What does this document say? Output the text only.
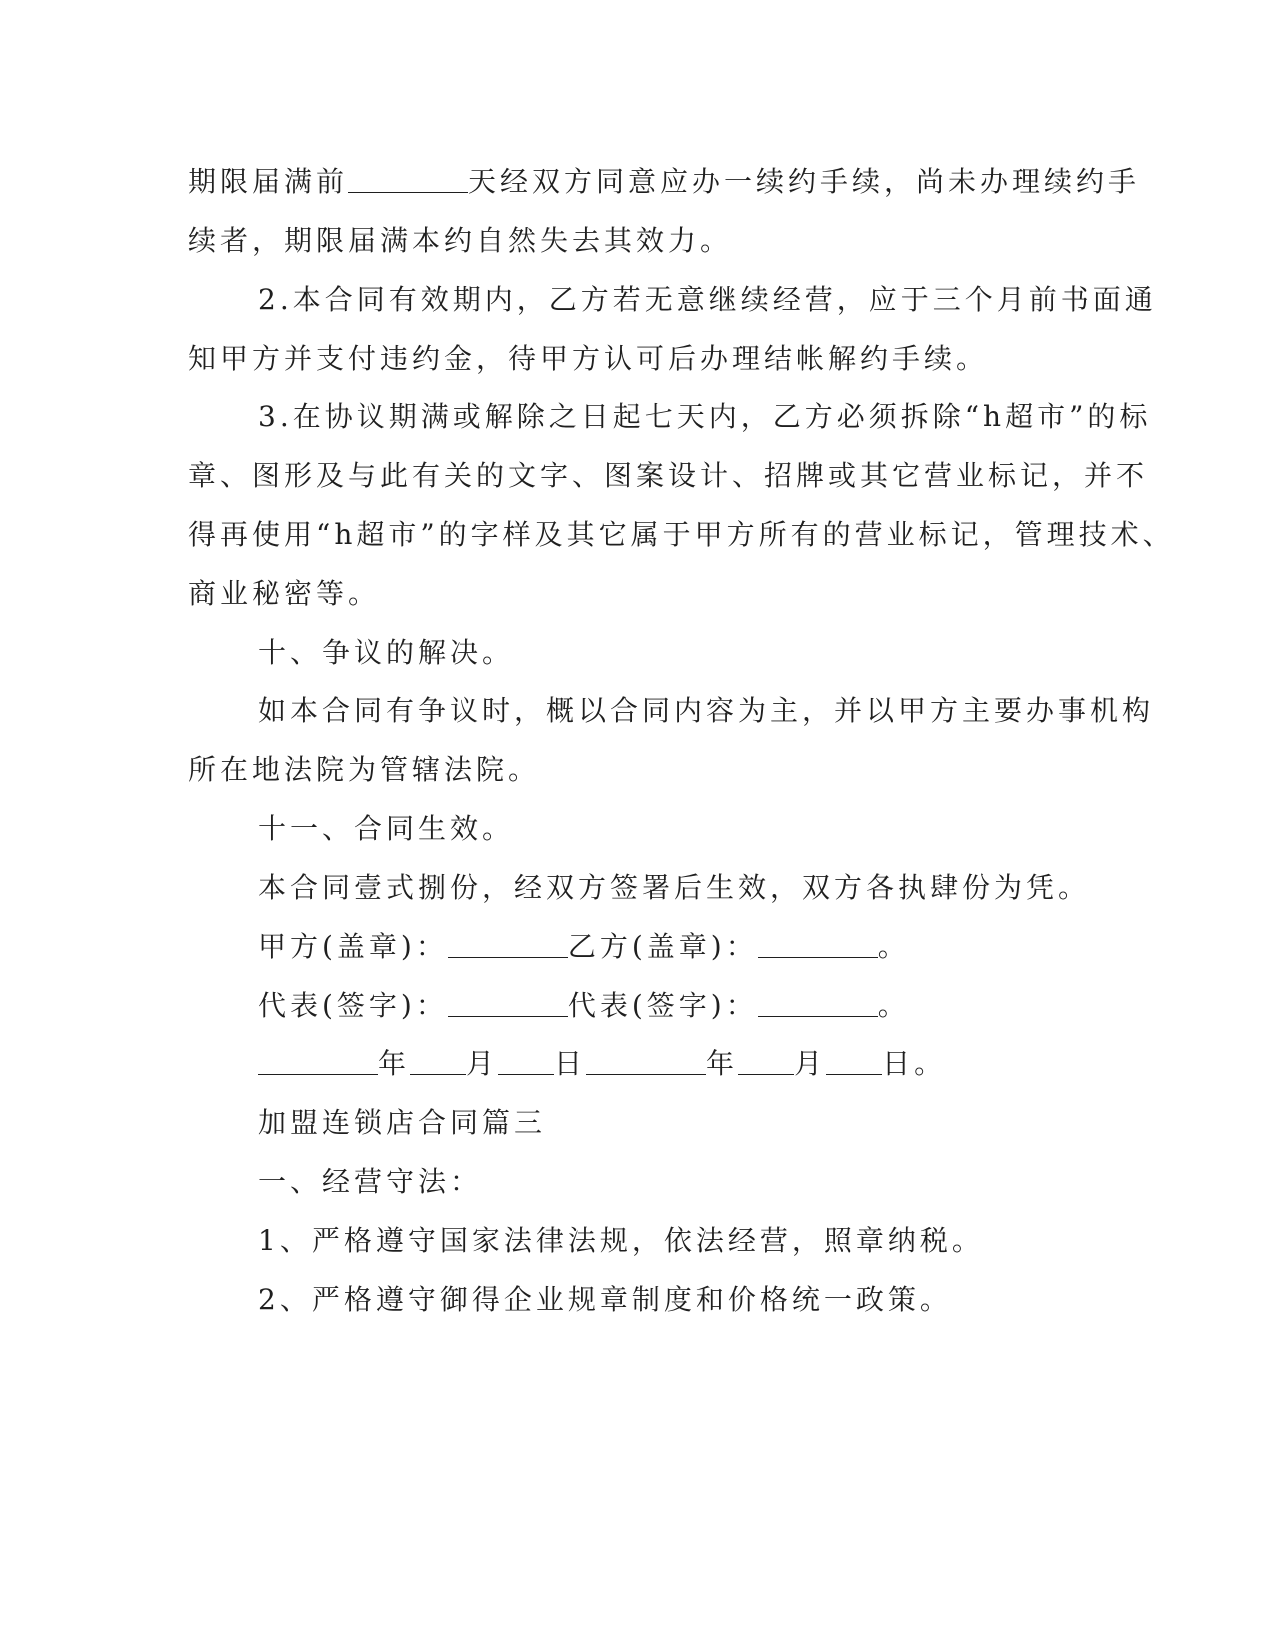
期限届满前	天经双方同意应办一续约手续，尚未办理续约手

续者，期限届满本约自然失去其效力。

2.本合同有效期内，乙方若无意继续经营，应于三个月前书面通

知甲方并支付违约金，待甲方认可后办理结帐解约手续。

3.在协议期满或解除之日起七天内，乙方必须拆除“h超市”的标

章、图形及与此有关的文字、图案设计、招牌或其它营业标记，并不

得再使用“h超市”的字样及其它属于甲方所有的营业标记，管理技术、

商业秘密等。

十、争议的解决。

如本合同有争议时，概以合同内容为主，并以甲方主要办事机构

所在地法院为管辖法院。

十一、合同生效。

本合同壹式捌份，经双方签署后生效，双方各执肆份为凭。

甲方(盖章)：	乙方(盖章)：	。

代表(签字)：	代表(签字)：	。

年 月 日	年 月 日。

加盟连锁店合同篇三

一、经营守法：

1、严格遵守国家法律法规，依法经营，照章纳税。

2、严格遵守御得企业规章制度和价格统一政策。
